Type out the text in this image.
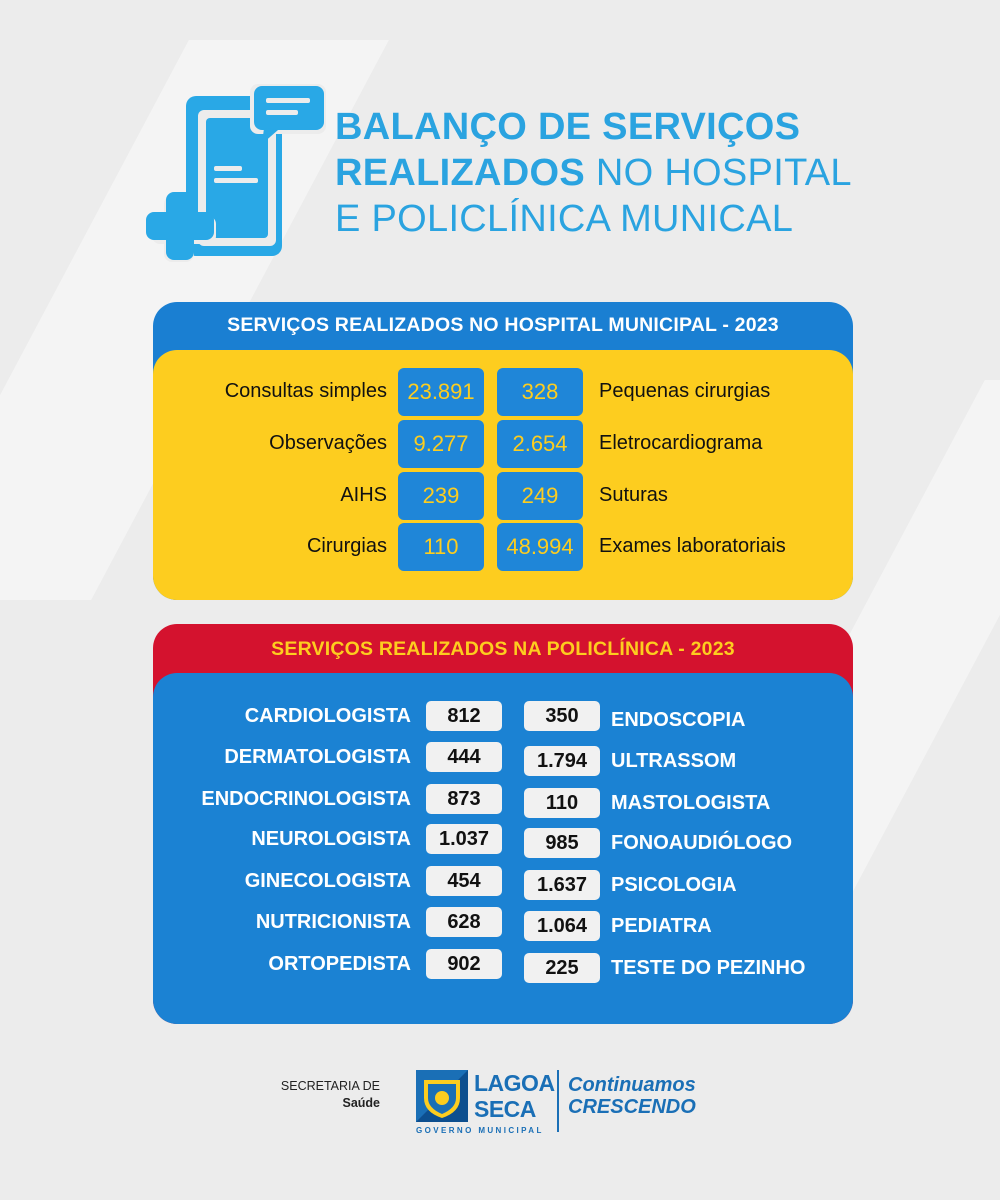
BALANÇO DE SERVIÇOS
REALIZADOS NO HOSPITAL
E POLICLÍNICA MUNICAL
SERVIÇOS REALIZADOS NO HOSPITAL MUNICIPAL - 2023
Consultas simples 23.891	328	Pequenas cirurgias
Observações	9.277	2.654	Eletrocardiograma
AIHS	239	249	Suturas
Cirurgias	110	48.994	Exames laboratoriais
SERVIÇOS REALIZADOS NA POLICLÍNICA - 2023
CARDIOLOGISTA	812	350	ENDOSCOPIA
DERMATOLOGISTA	444	1.794	ULTRASSOM
ENDOCRINOLOGISTA	873	110	MASTOLOGISTA
NEUROLOGISTA	1.037	985	FONOAUDIÓLOGO
GINECOLOGISTA	454	1.637	PSICOLOGIA
NUTRICIONISTA	628	1.064	PEDIATRA
ORTOPEDISTA	902	225	TESTE DO PEZINHO
SECRETARIA DE
Saúde
LAGOA
SECA
GOVERNO MUNICIPAL
Continuamos
CRESCENDO
